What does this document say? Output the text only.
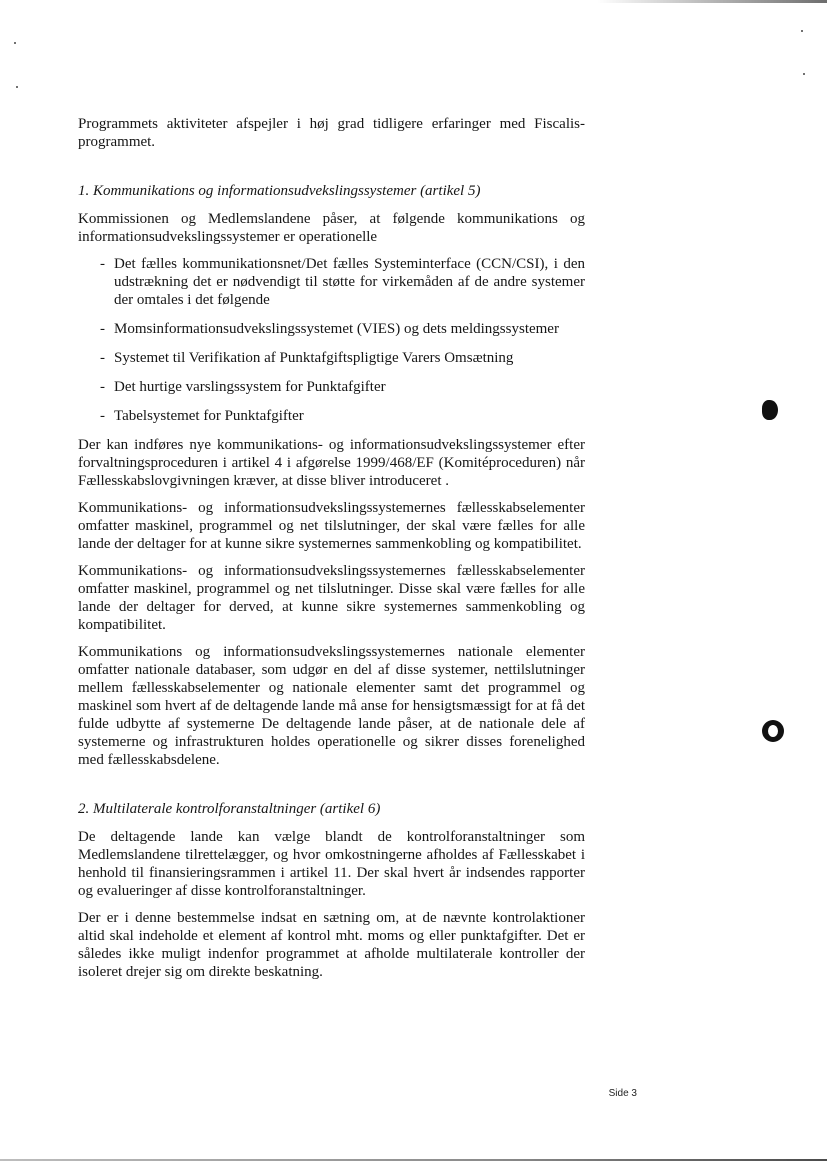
Programmets aktiviteter afspejler i høj grad tidligere erfaringer med Fiscalis-programmet.

1. Kommunikations og informationsudvekslingssystemer (artikel 5)

Kommissionen og Medlemslandene påser, at følgende kommunikations og informationsudvekslingssystemer er operationelle

- Det fælles kommunikationsnet/Det fælles Systeminterface (CCN/CSI), i den udstrækning det er nødvendigt til støtte for virkemåden af de andre systemer der omtales i det følgende
- Momsinformationsudvekslingssystemet (VIES) og dets meldingssystemer
- Systemet til Verifikation af Punktafgiftspligtige Varers Omsætning
- Det hurtige varslingssystem for Punktafgifter
- Tabelsystemet for Punktafgifter

Der kan indføres nye kommunikations- og informationsudvekslingssystemer efter forvaltningsproceduren i artikel 4 i afgørelse 1999/468/EF (Komitéproceduren) når Fællesskabslovgivningen kræver, at disse bliver introduceret .

Kommunikations- og informationsudvekslingssystemernes fællesskabselementer omfatter maskinel, programmel og net tilslutninger, der skal være fælles for alle lande der deltager for at kunne sikre systemernes sammenkobling og kompatibilitet.

Kommunikations- og informationsudvekslingssystemernes fællesskabselementer omfatter maskinel, programmel og net tilslutninger. Disse skal være fælles for alle lande der deltager for derved, at kunne sikre systemernes sammenkobling og kompatibilitet.

Kommunikations og informationsudvekslingssystemernes nationale elementer omfatter nationale databaser, som udgør en del af disse systemer, nettilslutninger mellem fællesskabselementer og nationale elementer samt det programmel og maskinel som hvert af de deltagende lande må anse for hensigtsmæssigt for at få det fulde udbytte af systemerne De deltagende lande påser, at de nationale dele af systemerne og infrastrukturen holdes operationelle og sikrer disses forenelighed med fællesskabsdelene.

2. Multilaterale kontrolforanstaltninger (artikel 6)

De deltagende lande kan vælge blandt de kontrolforanstaltninger som Medlemslandene tilrettelægger, og hvor omkostningerne afholdes af Fællesskabet i henhold til finansieringsrammen i artikel 11. Der skal hvert år indsendes rapporter og evalueringer af disse kontrolforanstaltninger.

Der er i denne bestemmelse indsat en sætning om, at de nævnte kontrolaktioner altid skal indeholde et element af kontrol mht. moms og eller punktafgifter. Det er således ikke muligt indenfor programmet at afholde multilaterale kontroller der isoleret drejer sig om direkte beskatning.

Side 3
